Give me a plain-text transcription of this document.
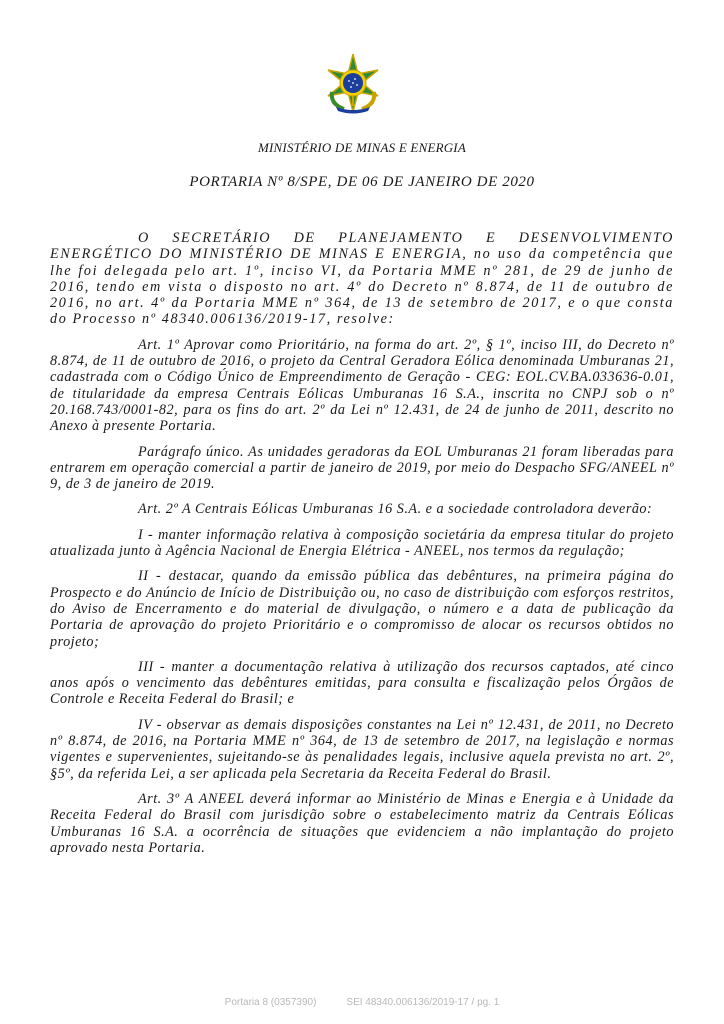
MINISTÉRIO DE MINAS E ENERGIA
PORTARIA Nº 8/SPE, DE 06 DE JANEIRO DE 2020

O SECRETÁRIO DE PLANEJAMENTO E DESENVOLVIMENTO ENERGÉTICO DO MINISTÉRIO DE MINAS E ENERGIA, no uso da competência que lhe foi delegada pelo art. 1º, inciso VI, da Portaria MME nº 281, de 29 de junho de 2016, tendo em vista o disposto no art. 4º do Decreto nº 8.874, de 11 de outubro de 2016, no art. 4º da Portaria MME nº 364, de 13 de setembro de 2017, e o que consta do Processo nº 48340.006136/2019-17, resolve:

Art. 1º Aprovar como Prioritário, na forma do art. 2º, § 1º, inciso III, do Decreto nº 8.874, de 11 de outubro de 2016, o projeto da Central Geradora Eólica denominada Umburanas 21, cadastrada com o Código Único de Empreendimento de Geração - CEG: EOL.CV.BA.033636-0.01, de titularidade da empresa Centrais Eólicas Umburanas 16 S.A., inscrita no CNPJ sob o nº 20.168.743/0001-82, para os fins do art. 2º da Lei nº 12.431, de 24 de junho de 2011, descrito no Anexo à presente Portaria.

Parágrafo único. As unidades geradoras da EOL Umburanas 21 foram liberadas para entrarem em operação comercial a partir de janeiro de 2019, por meio do Despacho SFG/ANEEL nº 9, de 3 de janeiro de 2019.

Art. 2º A Centrais Eólicas Umburanas 16 S.A. e a sociedade controladora deverão:

I - manter informação relativa à composição societária da empresa titular do projeto atualizada junto à Agência Nacional de Energia Elétrica - ANEEL, nos termos da regulação;

II - destacar, quando da emissão pública das debêntures, na primeira página do Prospecto e do Anúncio de Início de Distribuição ou, no caso de distribuição com esforços restritos, do Aviso de Encerramento e do material de divulgação, o número e a data de publicação da Portaria de aprovação do projeto Prioritário e o compromisso de alocar os recursos obtidos no projeto;

III - manter a documentação relativa à utilização dos recursos captados, até cinco anos após o vencimento das debêntures emitidas, para consulta e fiscalização pelos Órgãos de Controle e Receita Federal do Brasil; e

IV - observar as demais disposições constantes na Lei nº 12.431, de 2011, no Decreto nº 8.874, de 2016, na Portaria MME nº 364, de 13 de setembro de 2017, na legislação e normas vigentes e supervenientes, sujeitando-se às penalidades legais, inclusive aquela prevista no art. 2º, §5º, da referida Lei, a ser aplicada pela Secretaria da Receita Federal do Brasil.

Art. 3º A ANEEL deverá informar ao Ministério de Minas e Energia e à Unidade da Receita Federal do Brasil com jurisdição sobre o estabelecimento matriz da Centrais Eólicas Umburanas 16 S.A. a ocorrência de situações que evidenciem a não implantação do projeto aprovado nesta Portaria.

Portaria 8 (0357390)	SEI 48340.006136/2019-17 / pg. 1
